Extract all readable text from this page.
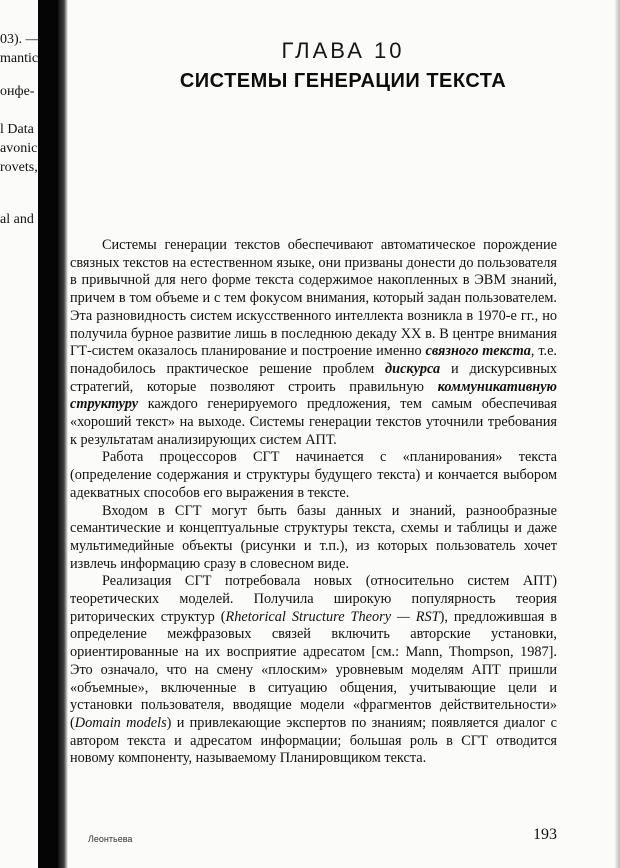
03). —
mantic
онфе-
l Data
avonic
rovets,
al and
ГЛАВА 10
СИСТЕМЫ ГЕНЕРАЦИИ ТЕКСТА

Системы генерации текстов обеспечивают автоматическое порождение связных текстов на естественном языке, они призваны донести до пользователя в привычной для него форме текста содержимое накопленных в ЭВМ знаний, причем в том объеме и с тем фокусом внимания, который задан пользователем. Эта разновидность систем искусственного интеллекта возникла в 1970-е гг., но получила бурное развитие лишь в последнюю декаду XX в. В центре внимания ГТ-систем оказалось планирование и построение именно связного текста, т.е. понадобилось практическое решение проблем дискурса и дискурсивных стратегий, которые позволяют строить правильную коммуникативную структуру каждого генерируемого предложения, тем самым обеспечивая «хороший текст» на выходе. Системы генерации текстов уточнили требования к результатам анализирующих систем АПТ.

Работа процессоров СГТ начинается с «планирования» текста (определение содержания и структуры будущего текста) и кончается выбором адекватных способов его выражения в тексте.

Входом в СГТ могут быть базы данных и знаний, разнообразные семантические и концептуальные структуры текста, схемы и таблицы и даже мультимедийные объекты (рисунки и т.п.), из которых пользователь хочет извлечь информацию сразу в словесном виде.

Реализация СГТ потребовала новых (относительно систем АПТ) теоретических моделей. Получила широкую популярность теория риторических структур (Rhetorical Structure Theory — RST), предложившая в определение межфразовых связей включить авторские установки, ориентированные на их восприятие адресатом [см.: Mann, Thompson, 1987]. Это означало, что на смену «плоским» уровневым моделям АПТ пришли «объемные», включенные в ситуацию общения, учитывающие цели и установки пользователя, вводящие модели «фрагментов действительности» (Domain models) и привлекающие экспертов по знаниям; появляется диалог с автором текста и адресатом информации; большая роль в СГТ отводится новому компоненту, называемому Планировщиком текста.

Леонтьева	193
